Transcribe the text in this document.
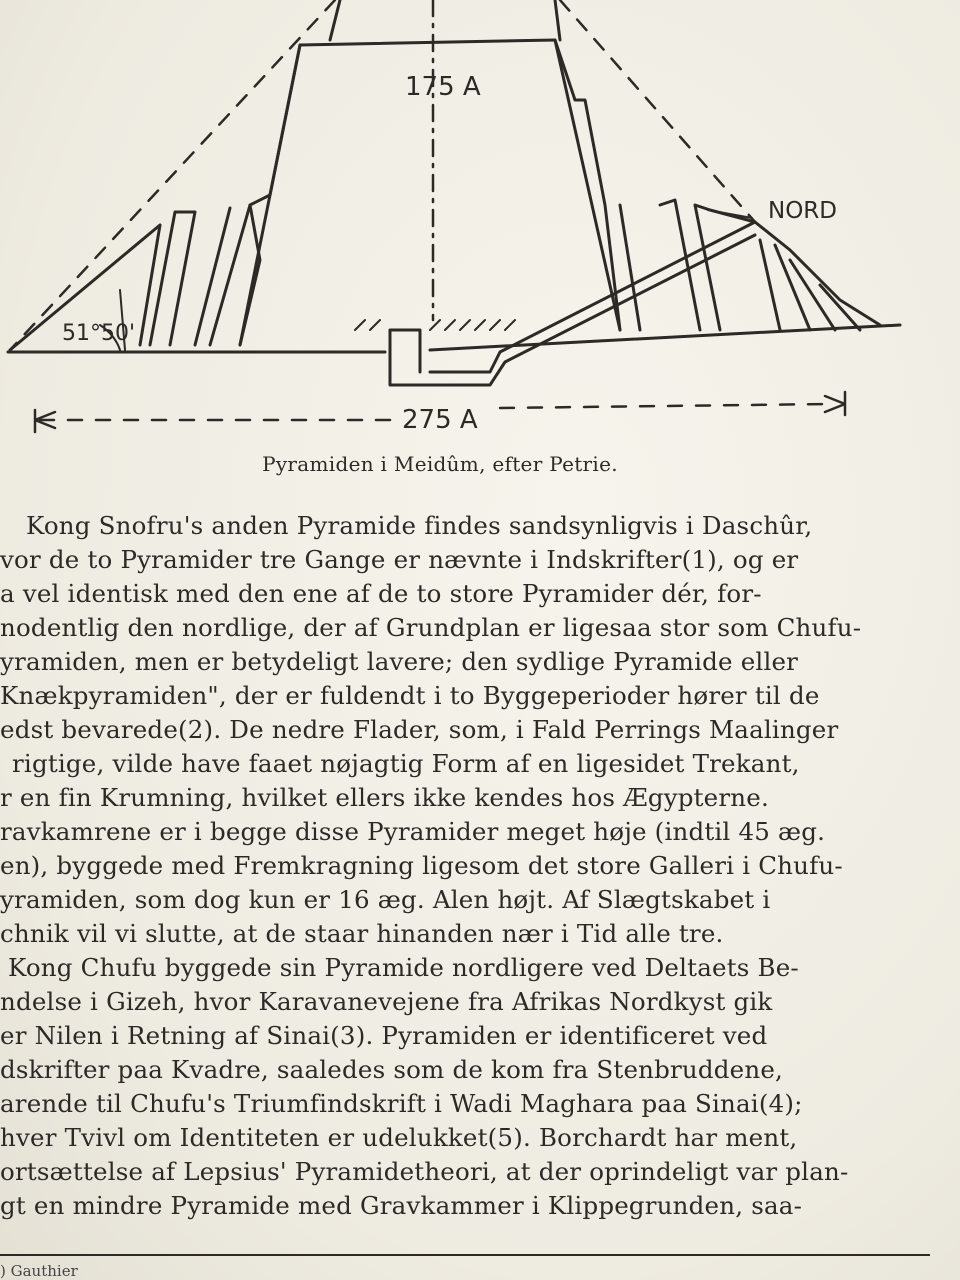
175 A
275 A
51°50'
NORD
Pyramiden i Meidûm, efter Petrie.
Kong Snofru's anden Pyramide findes sandsynligvis i Daschûr,
vor de to Pyramider tre Gange er nævnte i Indskrifter(1), og er
a vel identisk med den ene af de to store Pyramider dér, for-
nodentlig den nordlige, der af Grundplan er ligesaa stor som Chufu-
yramiden, men er betydeligt lavere; den sydlige Pyramide eller
Knækpyramiden", der er fuldendt i to Byggeperioder hører til de
edst bevarede(2). De nedre Flader, som, i Fald Perrings Maalinger
rigtige, vilde have faaet nøjagtig Form af en ligesidet Trekant,
r en fin Krumning, hvilket ellers ikke kendes hos Ægypterne.
ravkamrene er i begge disse Pyramider meget høje (indtil 45 æg.
en), byggede med Fremkragning ligesom det store Galleri i Chufu-
yramiden, som dog kun er 16 æg. Alen højt. Af Slægtskabet i
chnik vil vi slutte, at de staar hinanden nær i Tid alle tre.
Kong Chufu byggede sin Pyramide nordligere ved Deltaets Be-
ndelse i Gizeh, hvor Karavanevejene fra Afrikas Nordkyst gik
er Nilen i Retning af Sinai(3). Pyramiden er identificeret ved
dskrifter paa Kvadre, saaledes som de kom fra Stenbruddene,
arende til Chufu's Triumfindskrift i Wadi Maghara paa Sinai(4);
hver Tvivl om Identiteten er udelukket(5). Borchardt har ment,
ortsættelse af Lepsius' Pyramidetheori, at der oprindeligt var plan-
gt en mindre Pyramide med Gravkammer i Klippegrunden, saa-
) Gauthier
